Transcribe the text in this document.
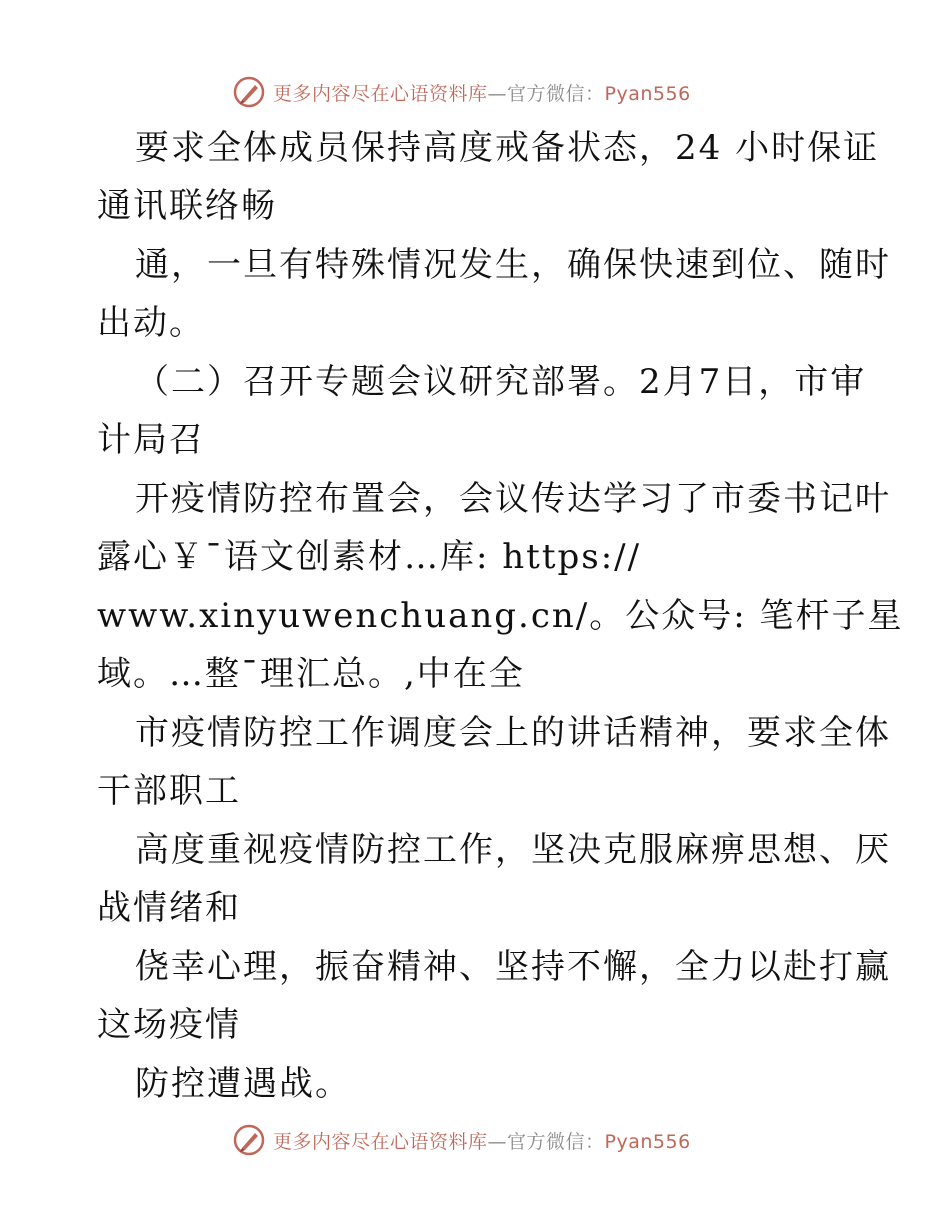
更多内容尽在心语资料库—官方微信：Pyan556
要求全体成员保持高度戒备状态，24 小时保证
通讯联络畅
通，一旦有特殊情况发生，确保快速到位、随时
出动。
（二）召开专题会议研究部署。2月7日，市审
计局召
开疫情防控布置会，会议传达学习了市委书记叶
露心￥¯语文创素材…库: https://
www.xinyuwenchuang.cn/。公众号: 笔杆子星
域。…整¯理汇总。,中在全
市疫情防控工作调度会上的讲话精神，要求全体
干部职工
高度重视疫情防控工作，坚决克服麻痹思想、厌
战情绪和
侥幸心理，振奋精神、坚持不懈，全力以赴打赢
这场疫情
防控遭遇战。
更多内容尽在心语资料库—官方微信：Pyan556
